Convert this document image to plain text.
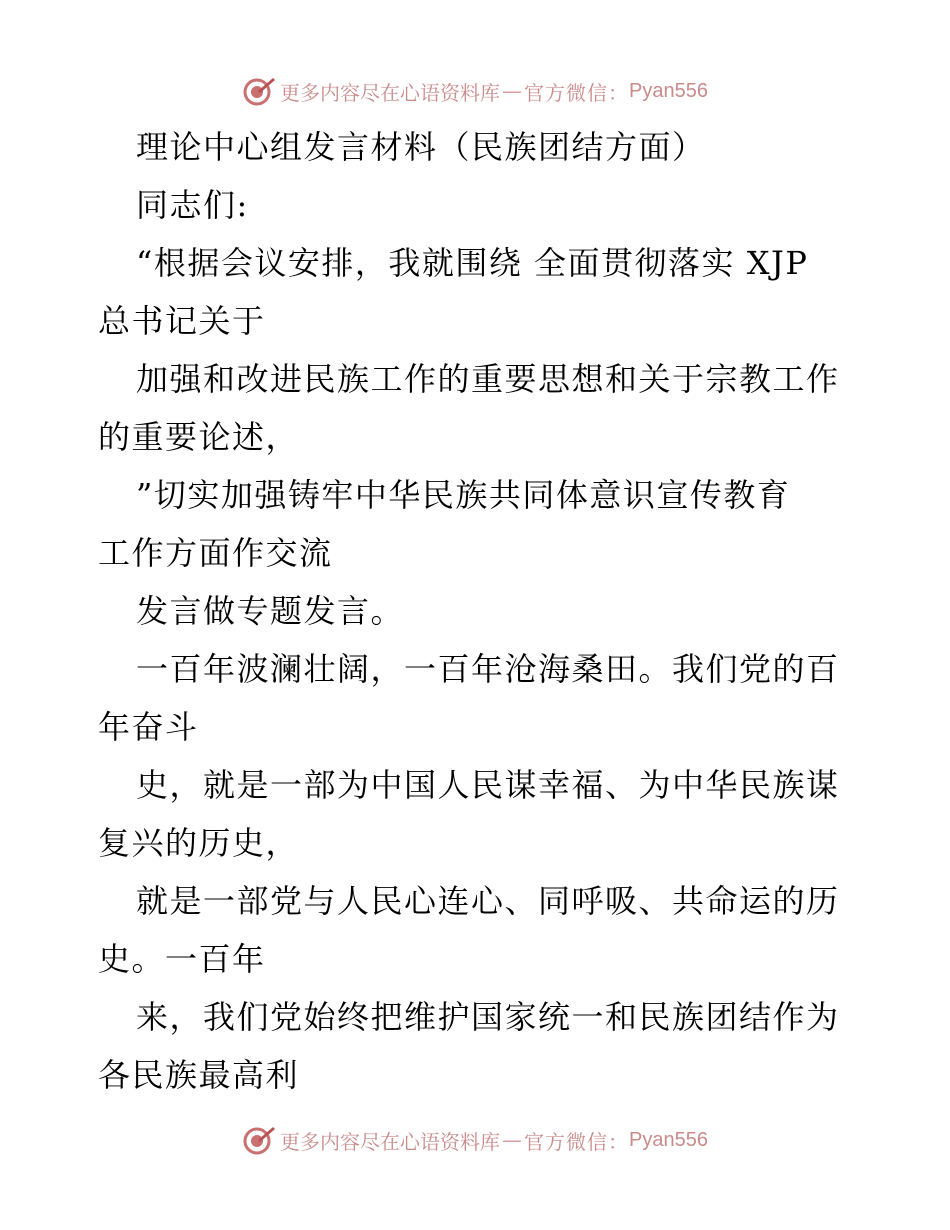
更多内容尽在心语资料库 — 官方微信： Pyan556
理论中心组发言材料（民族团结方面）
同志们:
“根据会议安排，我就围绕 全面贯彻落实 XJP
总书记关于
加强和改进民族工作的重要思想和关于宗教工作
的重要论述，
”切实加强铸牢中华民族共同体意识宣传教育
工作方面作交流
发言做专题发言。
一百年波澜壮阔，一百年沧海桑田。我们党的百
年奋斗
史，就是一部为中国人民谋幸福、为中华民族谋
复兴的历史，
就是一部党与人民心连心、同呼吸、共命运的历
史。一百年
来，我们党始终把维护国家统一和民族团结作为
各民族最高利
更多内容尽在心语资料库 — 官方微信： Pyan556
